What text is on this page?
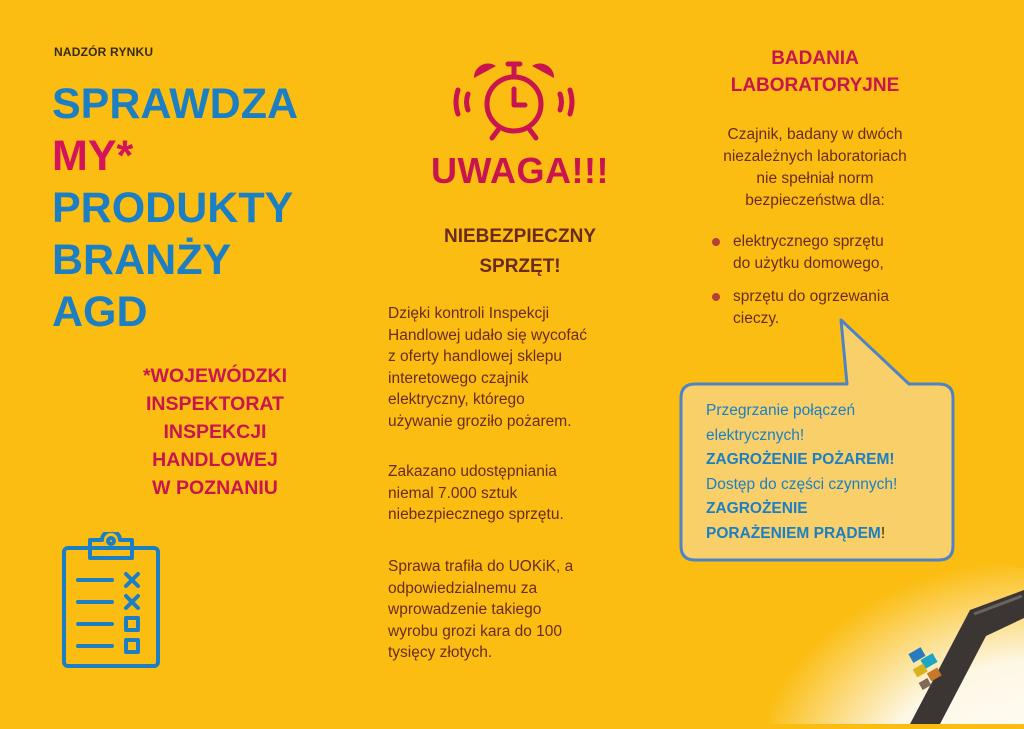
NADZÓR RYNKU
SPRAWDZA
MY*
PRODUKTY
BRANŻY
AGD
*WOJEWÓDZKI
INSPEKTORAT
INSPEKCJI
HANDLOWEJ
W POZNANIU
UWAGA!!!
NIEBEZPIECZNY
SPRZĘT!
Dzięki kontroli Inspekcji
Handlowej udało się wycofać
z oferty handlowej sklepu
interetowego czajnik
elektryczny, którego
używanie groziło pożarem.
Zakazano udostępniania
niemal 7.000 sztuk
niebezpiecznego sprzętu.
Sprawa trafiła do UOKiK, a
odpowiedzialnemu za
wprowadzenie takiego
wyrobu grozi kara do 100
tysięcy złotych.
BADANIA
LABORATORYJNE
Czajnik, badany w dwóch
niezależnych laboratoriach
nie spełniał norm
bezpieczeństwa dla:
elektrycznego sprzętu
do użytku domowego,
sprzętu do ogrzewania
cieczy.
Przegrzanie połączeń
elektrycznych!
ZAGROŻENIE POŻAREM!
Dostęp do części czynnych!
ZAGROŻENIE
PORAŻENIEM PRĄDEM!
